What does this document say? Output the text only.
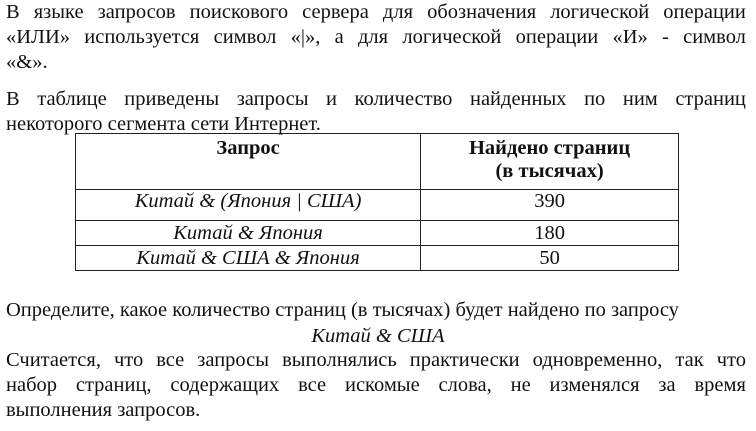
В языке запросов поискового сервера для обозначения логической операции
«ИЛИ» используется символ «|», а для логической операции «И» - символ
«&».
В таблице приведены запросы и количество найденных по ним страниц
некоторого сегмента сети Интернет.
Запрос	Найдено страниц
(в тысячах)
Китай & (Япония | США)	390
Китай & Япония	180
Китай & США & Япония	50
Определите, какое количество страниц (в тысячах) будет найдено по запросу
Китай & США
Считается, что все запросы выполнялись практически одновременно, так что
набор страниц, содержащих все искомые слова, не изменялся за время
выполнения запросов.
